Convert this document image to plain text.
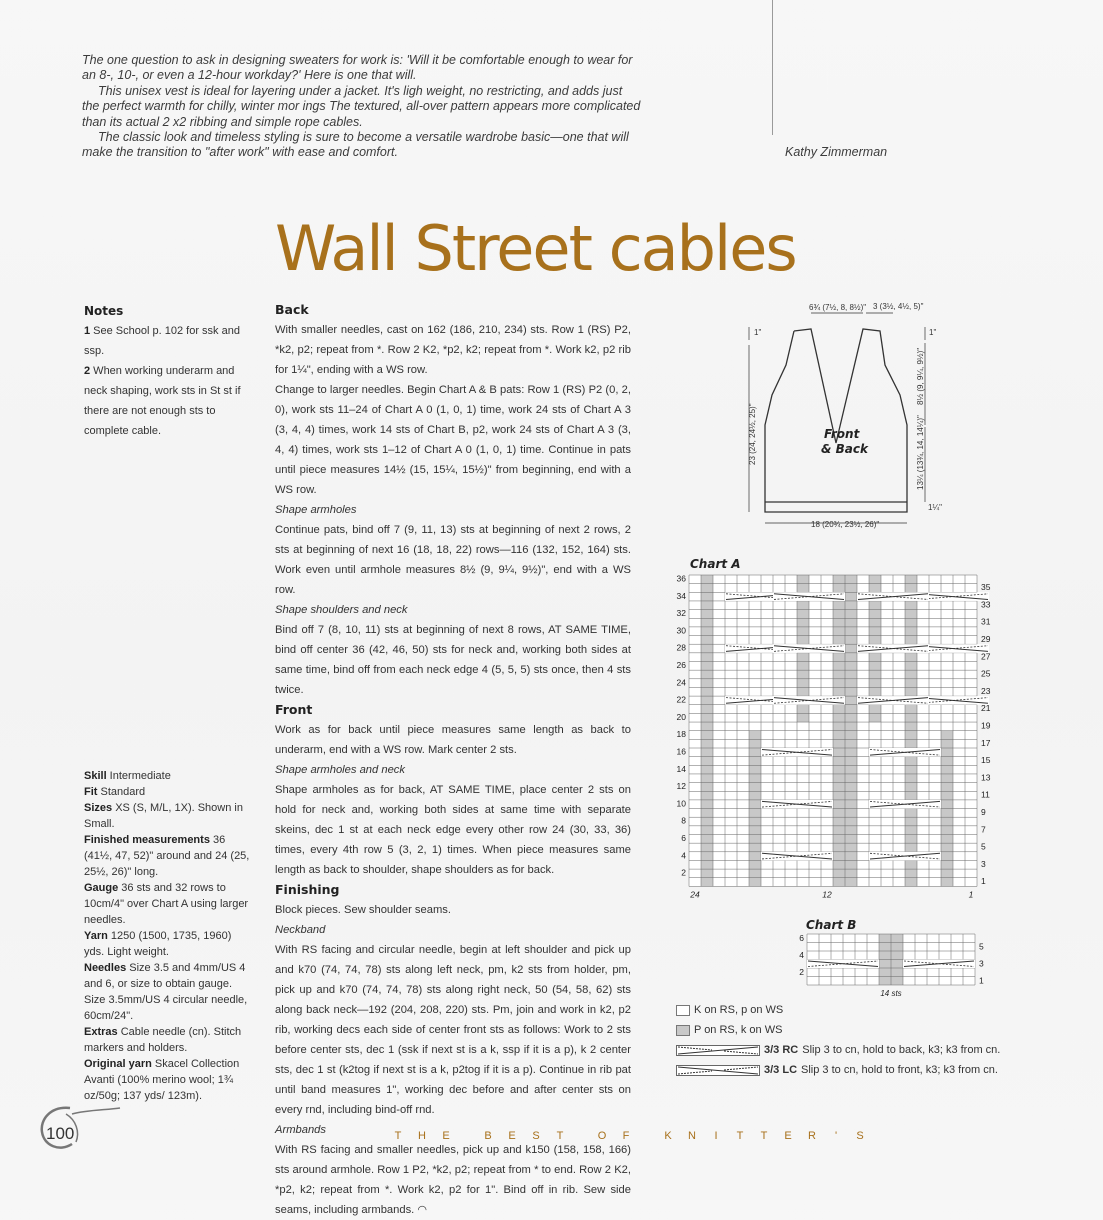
The one question to ask in designing sweaters for work is: 'Will it be comfortable enough to wear for an 8-, 10-, or even a 12-hour workday?' Here is one that will.

This unisex vest is ideal for layering under a jacket. It's ligh weight, no restricting, and adds just the perfect warmth for chilly, winter mor ings The textured, all-over pattern appears more complicated than its actual 2 x2 ribbing and simple rope cables.

The classic look and timeless styling is sure to become a versatile wardrobe basic—one that will make the transition to "after work" with ease and comfort.	Kathy Zimmerman
Wall Street cables
Notes
1 See School p. 102 for ssk and ssp.
2 When working underarm and neck shaping, work sts in St st if there are not enough sts to complete cable.
Skill Intermediate
Fit Standard
Sizes XS (S, M/L, 1X). Shown in Small.
Finished measurements 36 (41½, 47, 52)" around and 24 (25, 25½, 26)" long.
Gauge 36 sts and 32 rows to 10cm/4" over Chart A using larger needles.
Yarn 1250 (1500, 1735, 1960) yds. Light weight.
Needles Size 3.5 and 4mm/US 4 and 6, or size to obtain gauge.
Size 3.5mm/US 4 circular needle, 60cm/24".
Extras Cable needle (cn). Stitch markers and holders.
Original yarn Skacel Collection Avanti (100% merino wool; 1¾ oz/50g; 137 yds/ 123m).
Back

With smaller needles, cast on 162 (186, 210, 234) sts. Row 1 (RS) P2, *k2, p2; repeat from *. Row 2 K2, *p2, k2; repeat from *. Work k2, p2 rib for 1¼", ending with a WS row.

Change to larger needles. Begin Chart A & B pats: Row 1 (RS) P2 (0, 2, 0), work sts 11–24 of Chart A 0 (1, 0, 1) time, work 24 sts of Chart A 3 (3, 4, 4) times, work 14 sts of Chart B, p2, work 24 sts of Chart A 3 (3, 4, 4) times, work sts 1–12 of Chart A 0 (1, 0, 1) time. Continue in pats until piece measures 14½ (15, 15¼, 15½)" from beginning, end with a WS row.

Shape armholes

Continue pats, bind off 7 (9, 11, 13) sts at beginning of next 2 rows, 2 sts at beginning of next 16 (18, 18, 22) rows—116 (132, 152, 164) sts. Work even until armhole measures 8½ (9, 9¼, 9½)", end with a WS row.

Shape shoulders and neck

Bind off 7 (8, 10, 11) sts at beginning of next 8 rows, AT SAME TIME, bind off center 36 (42, 46, 50) sts for neck and, working both sides at same time, bind off from each neck edge 4 (5, 5, 5) sts once, then 4 sts twice.

Front

Work as for back until piece measures same length as back to underarm, end with a WS row. Mark center 2 sts.

Shape armholes and neck

Shape armholes as for back, AT SAME TIME, place center 2 sts on hold for neck and, working both sides at same time with separate skeins, dec 1 st at each neck edge every other row 24 (30, 33, 36) times, every 4th row 5 (3, 2, 1) times. When piece measures same length as back to shoulder, shape shoulders as for back.

Finishing

Block pieces. Sew shoulder seams.

Neckband

With RS facing and circular needle, begin at left shoulder and pick up and k70 (74, 74, 78) sts along left neck, pm, k2 sts from holder, pm, pick up and k70 (74, 74, 78) sts along right neck, 50 (54, 58, 62) sts along back neck—192 (204, 208, 220) sts. Pm, join and work in k2, p2 rib, working decs each side of center front sts as follows: Work to 2 sts before center sts, dec 1 (ssk if next st is a k, ssp if it is a p), k 2 center sts, dec 1 st (k2tog if next st is a k, p2tog if it is a p). Continue in rib pat until band measures 1", working dec before and after center sts on every rnd, including bind-off rnd.

Armbands

With RS facing and smaller needles, pick up and k150 (158, 158, 166) sts around armhole. Row 1 P2, *k2, p2; repeat from * to end. Row 2 K2, *p2, k2; repeat from *. Work k2, p2 for 1". Bind off in rib. Sew side seams, including armbands. ◠

6¾ (7½, 8, 8½)" 3 (3½, 4½, 5)"
1"
23 (24, 24½, 25)"
1"
8½ (9, 9¼, 9½)"
13¼ (13¾, 14, 14¼)"
1¼"
18 (20¾, 23½, 26)"
Front
& Back
Chart A
36
34
32
30
28
26
24
22
20
18
16
14
12
10
8
6
4
2
35
33
31
29
27
25
23
21
19
17
15
13
11
9
7
5
3
1
24	12	1
Chart B
6
4
2
5
3
1
14 sts
K on RS, p on WS
P on RS, k on WS
3/3 RC Slip 3 to cn, hold to back, k3; k3 from cn.
3/3 LC Slip 3 to cn, hold to front, k3; k3 from cn.
100	T H E	B E S T	O F	K N I T T E R ' S
